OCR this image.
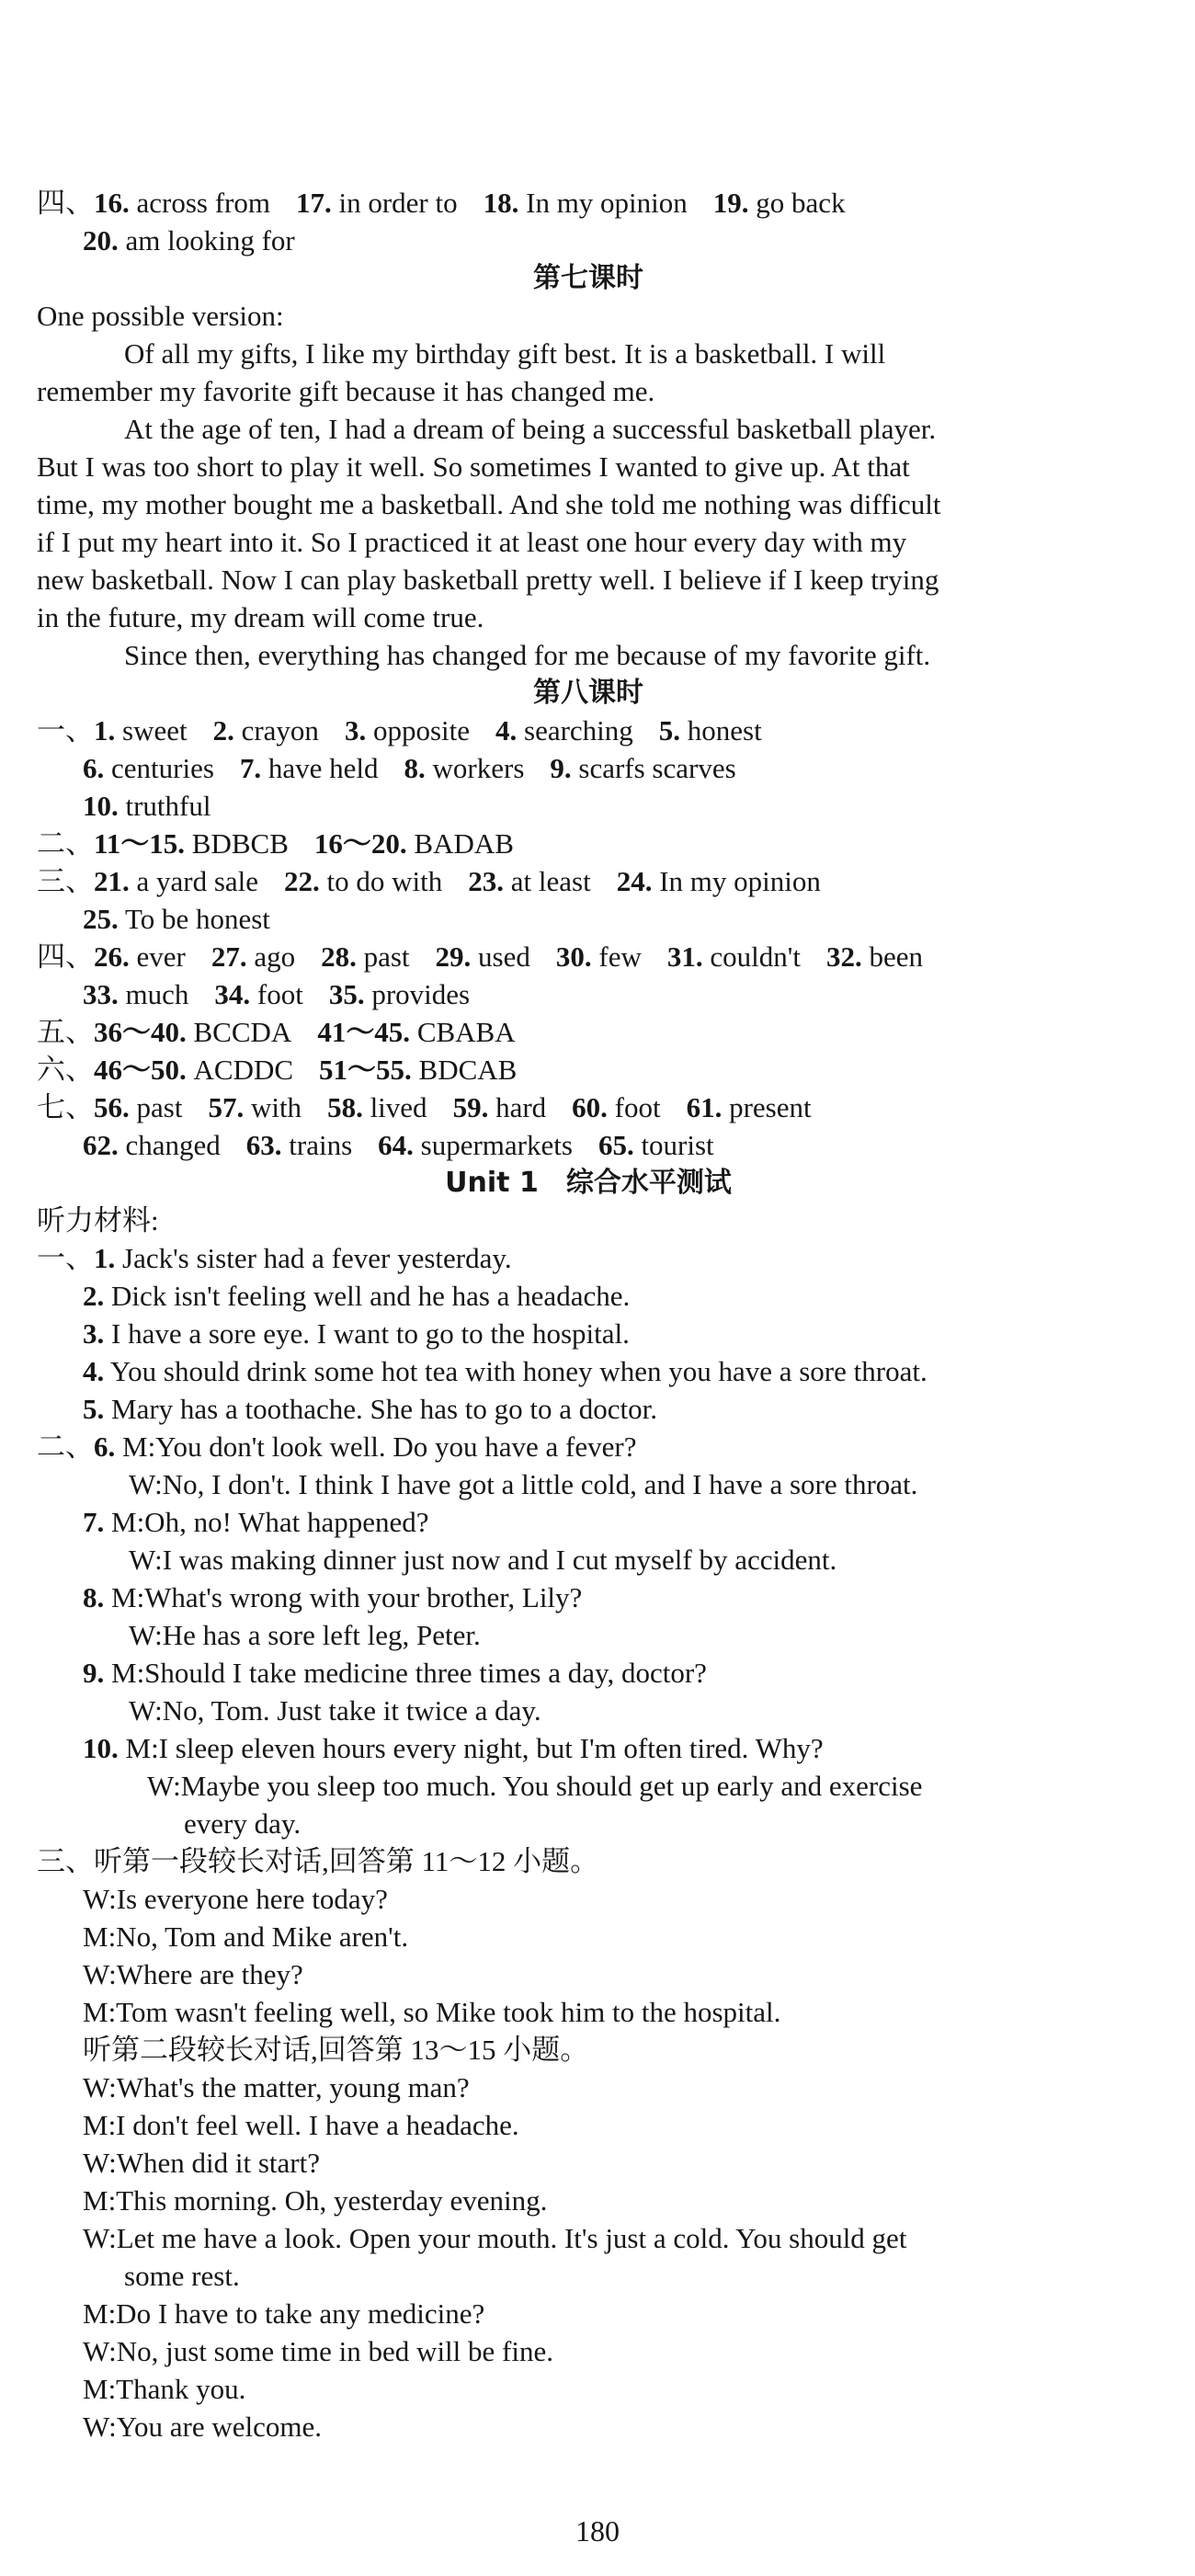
四、16. across from 17. in order to 18. In my opinion 19. go back
20. am looking for
第七课时
One possible version:
Of all my gifts, I like my birthday gift best. It is a basketball. I will
remember my favorite gift because it has changed me.
At the age of ten, I had a dream of being a successful basketball player.
But I was too short to play it well. So sometimes I wanted to give up. At that
time, my mother bought me a basketball. And she told me nothing was difficult
if I put my heart into it. So I practiced it at least one hour every day with my
new basketball. Now I can play basketball pretty well. I believe if I keep trying
in the future, my dream will come true.
Since then, everything has changed for me because of my favorite gift.
第八课时
一、1. sweet 2. crayon 3. opposite 4. searching 5. honest
6. centuries 7. have held 8. workers 9. scarfs scarves
10. truthful
二、11～15. BDBCB 16～20. BADAB
三、21. a yard sale 22. to do with 23. at least 24. In my opinion
25. To be honest
四、26. ever 27. ago 28. past 29. used 30. few 31. couldn't 32. been
33. much 34. foot 35. provides
五、36～40. BCCDA 41～45. CBABA
六、46～50. ACDDC 51～55. BDCAB
七、56. past 57. with 58. lived 59. hard 60. foot 61. present
62. changed 63. trains 64. supermarkets 65. tourist
Unit 1　综合水平测试
听力材料:
一、1. Jack's sister had a fever yesterday.
2. Dick isn't feeling well and he has a headache.
3. I have a sore eye. I want to go to the hospital.
4. You should drink some hot tea with honey when you have a sore throat.
5. Mary has a toothache. She has to go to a doctor.
二、6. M:You don't look well. Do you have a fever?
W:No, I don't. I think I have got a little cold, and I have a sore throat.
7. M:Oh, no! What happened?
W:I was making dinner just now and I cut myself by accident.
8. M:What's wrong with your brother, Lily?
W:He has a sore left leg, Peter.
9. M:Should I take medicine three times a day, doctor?
W:No, Tom. Just take it twice a day.
10. M:I sleep eleven hours every night, but I'm often tired. Why?
W:Maybe you sleep too much. You should get up early and exercise
every day.
三、听第一段较长对话,回答第 11～12 小题。
W:Is everyone here today?
M:No, Tom and Mike aren't.
W:Where are they?
M:Tom wasn't feeling well, so Mike took him to the hospital.
听第二段较长对话,回答第 13～15 小题。
W:What's the matter, young man?
M:I don't feel well. I have a headache.
W:When did it start?
M:This morning. Oh, yesterday evening.
W:Let me have a look. Open your mouth. It's just a cold. You should get
some rest.
M:Do I have to take any medicine?
W:No, just some time in bed will be fine.
M:Thank you.
W:You are welcome.
180
